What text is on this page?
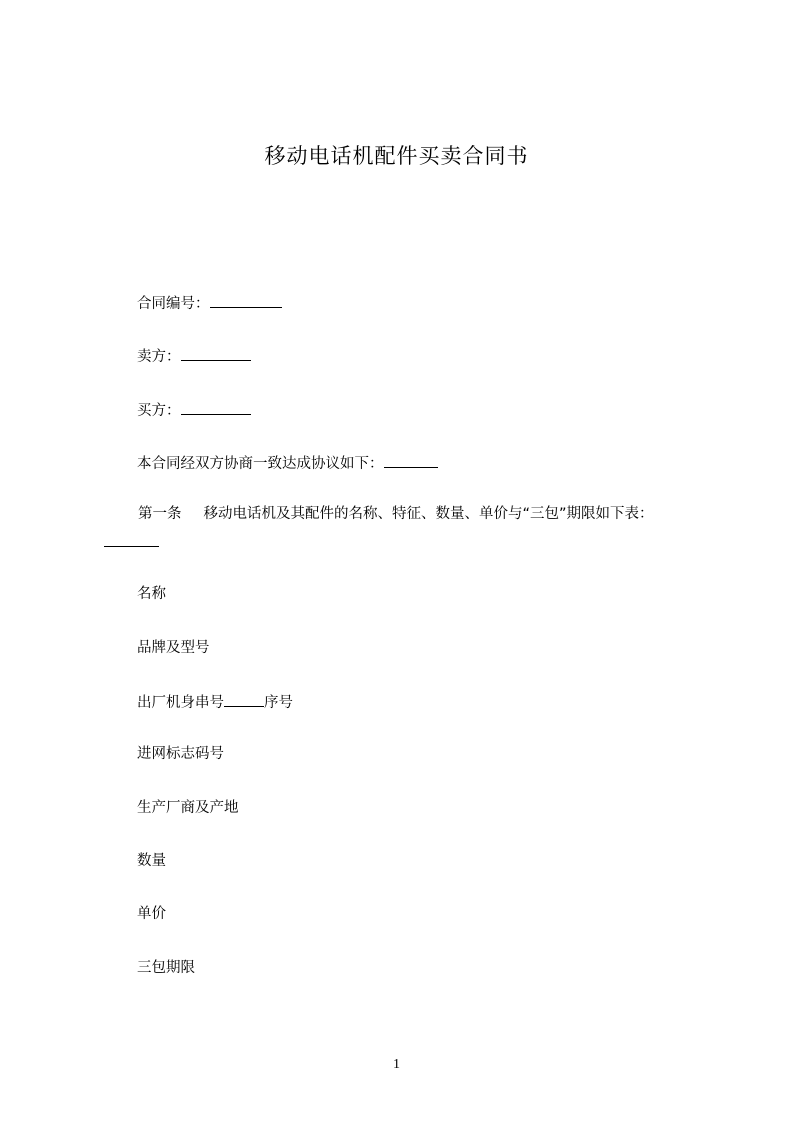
移动电话机配件买卖合同书
合同编号：
卖方：
买方：
本合同经双方协商一致达成协议如下：
第一条 移动电话机及其配件的名称、特征、数量、单价与“三包”期限如下表：
名称
品牌及型号
出厂机身串号	序号
进网标志码号
生产厂商及产地
数量
单价
三包期限
1
